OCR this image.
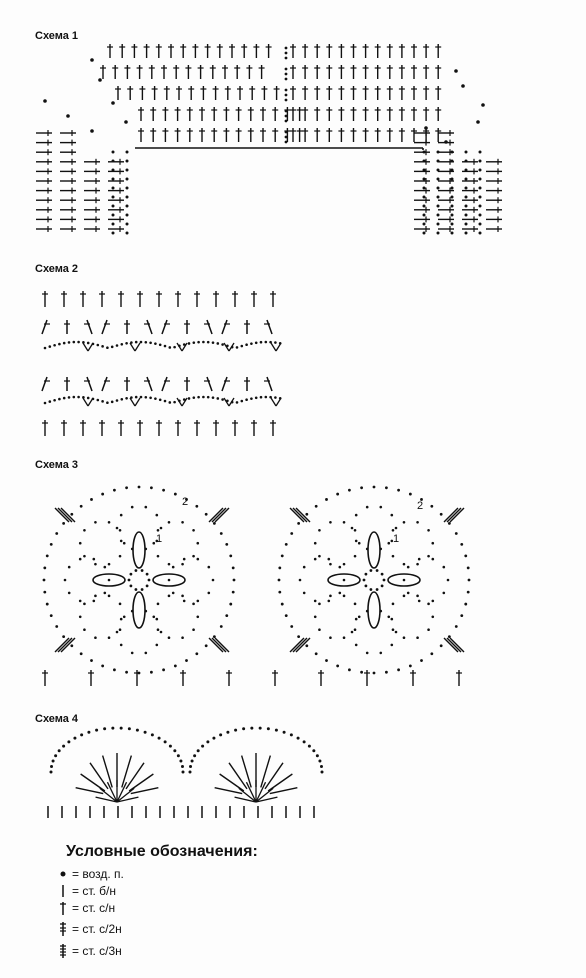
Схема 1
Схема 2
Схема 3
Схема 4
1
2
1
2
Условные обозначения:
= возд. п.
= ст. б/н
= ст. с/н
= ст. с/2н
= ст. с/3н
